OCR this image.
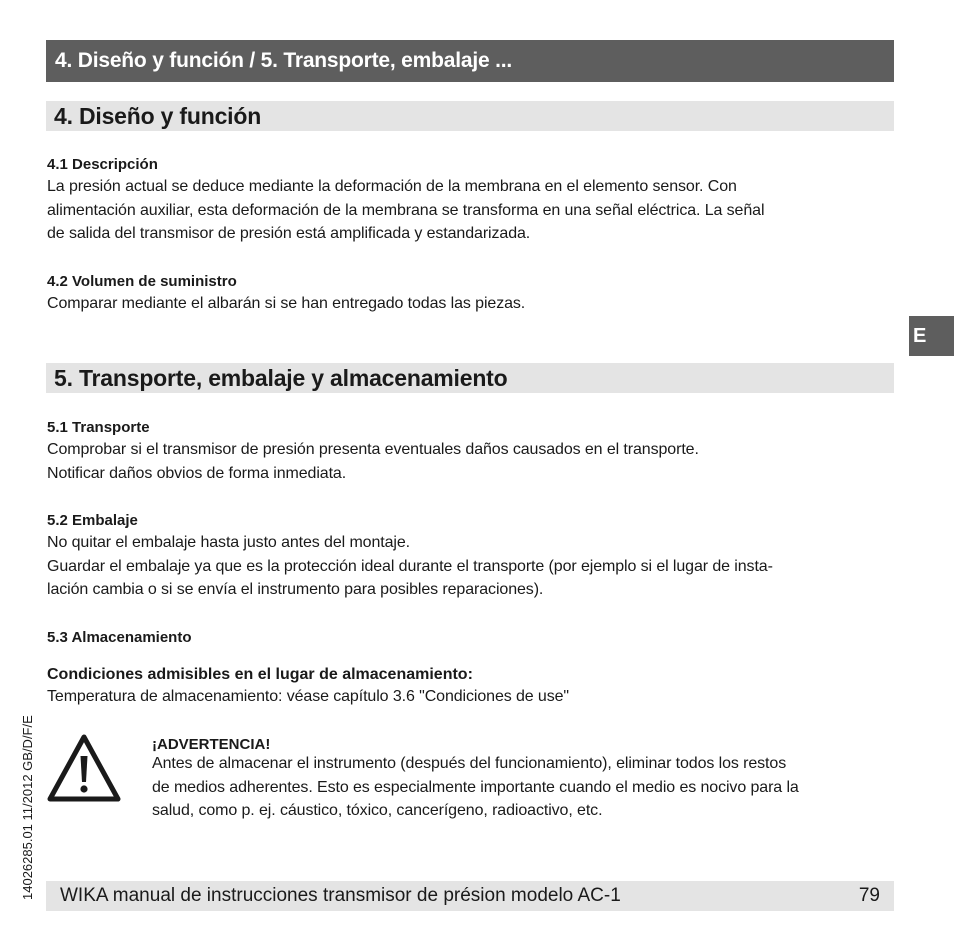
4. Diseño y función / 5. Transporte, embalaje ...
4. Diseño y función
4.1 Descripción
La presión actual se deduce mediante la deformación de la membrana en el elemento sensor. Con
alimentación auxiliar, esta deformación de la membrana se transforma en una señal eléctrica. La señal
de salida del transmisor de presión está amplificada y estandarizada.
4.2 Volumen de suministro
Comparar mediante el albarán si se han entregado todas las piezas.
E
5. Transporte, embalaje y almacenamiento
5.1 Transporte
Comprobar si el transmisor de presión presenta eventuales daños causados en el transporte.
Notificar daños obvios de forma inmediata.
5.2 Embalaje
No quitar el embalaje hasta justo antes del montaje.
Guardar el embalaje ya que es la protección ideal durante el transporte (por ejemplo si el lugar de insta-
lación cambia o si se envía el instrumento para posibles reparaciones).
5.3 Almacenamiento
Condiciones admisibles en el lugar de almacenamiento:
Temperatura de almacenamiento: véase capítulo 3.6 "Condiciones de use"
¡ADVERTENCIA!
Antes de almacenar el instrumento (después del funcionamiento), eliminar todos los restos
de medios adherentes. Esto es especialmente importante cuando el medio es nocivo para la
salud, como p. ej. cáustico, tóxico, cancerígeno, radioactivo, etc.
14026285.01 11/2012 GB/D/F/E WIKA manual de instrucciones transmisor de présion modelo AC-1	79
